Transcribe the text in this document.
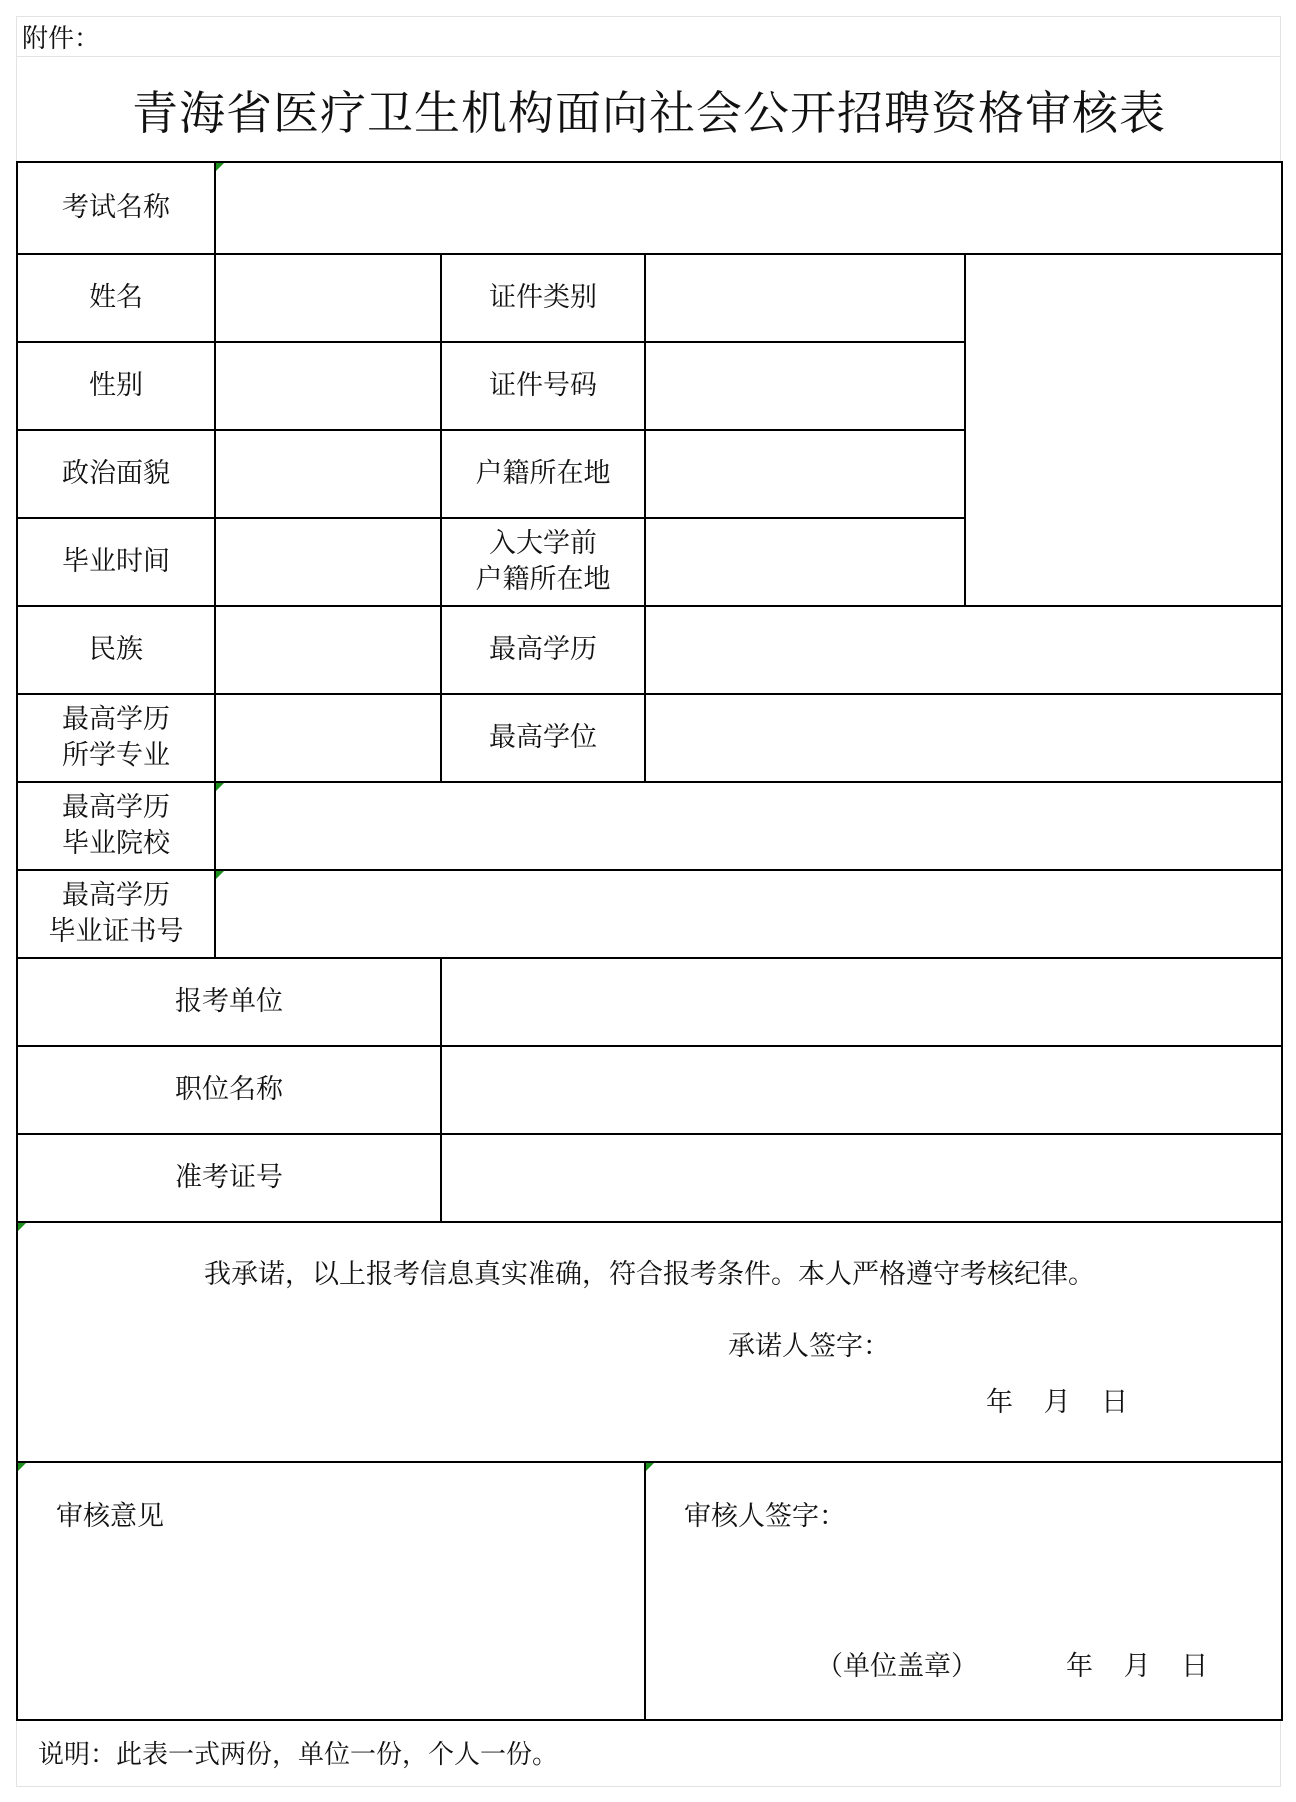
附件：
青海省医疗卫生机构面向社会公开招聘资格审核表
考试名称				

姓名		证件类别		
性别		证件号码		
政治面貌		户籍所在地		
毕业时间		入大学前
户籍所在地		

民族		最高学历		

最高学历
所学专业		最高学位		

最高学历
毕业院校				

最高学历
毕业证书号				

报考单位				
职位名称				
准考证号				

我承诺，以上报考信息真实准确，符合报考条件。本人严格遵守考核纪律。
承诺人签字：
年 月 日				

审核意见			审核人签字：
（单位盖章） 年 月 日	
说明：此表一式两份，单位一份，个人一份。
